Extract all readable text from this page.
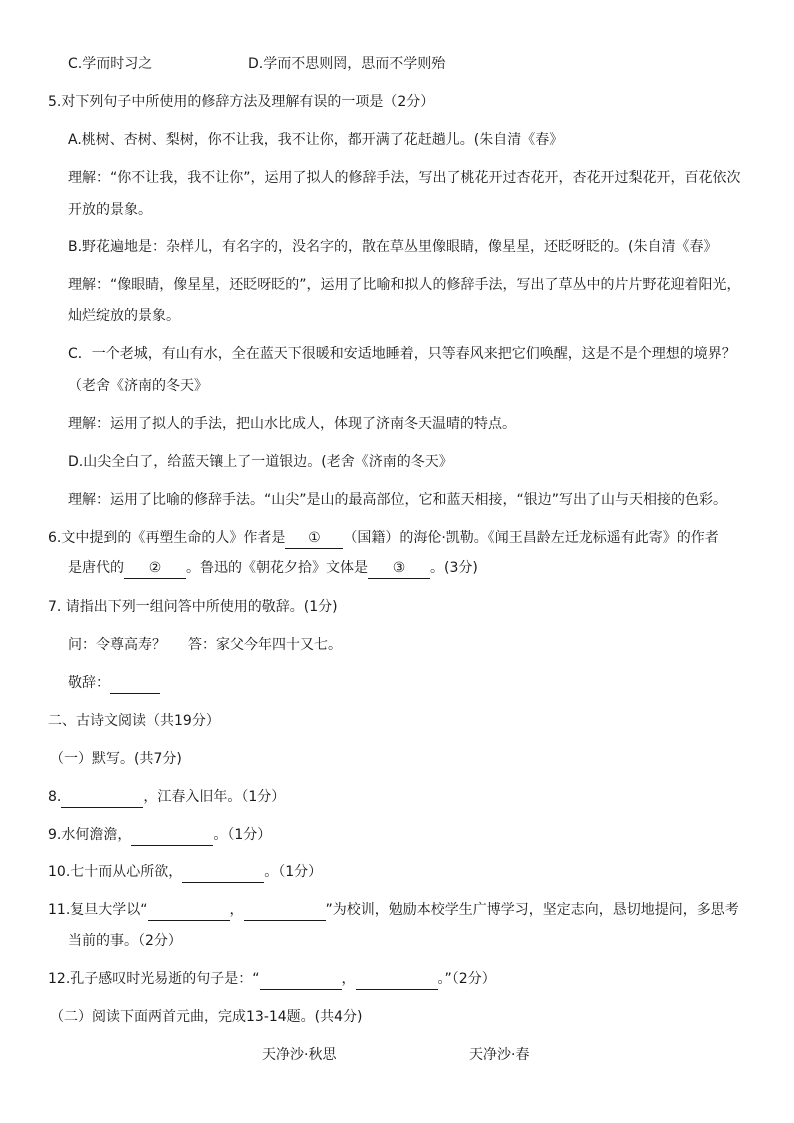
C.学而时习之	D.学而不思则罔，思而不学则殆
5.对下列句子中所使用的修辞方法及理解有误的一项是（2分）
A.桃树、杏树、梨树，你不让我，我不让你，都开满了花赶趟儿。(朱自清《春》
理解：“你不让我，我不让你”，运用了拟人的修辞手法，写出了桃花开过杏花开，杏花开过梨花开，百花依次
开放的景象。
B.野花遍地是：杂样儿，有名字的，没名字的，散在草丛里像眼睛，像星星，还眨呀眨的。(朱自清《春》
理解：“像眼睛，像星星，还眨呀眨的”，运用了比喻和拟人的修辞手法，写出了草丛中的片片野花迎着阳光，
灿烂绽放的景象。
C．一个老城，有山有水，全在蓝天下很暖和安适地睡着，只等春风来把它们唤醒，这是不是个理想的境界？
（老舍《济南的冬天》
理解：运用了拟人的手法，把山水比成人，体现了济南冬天温晴的特点。
D.山尖全白了，给蓝天镶上了一道银边。(老舍《济南的冬天》
理解：运用了比喻的修辞手法。“山尖”是山的最高部位，它和蓝天相接，“银边”写出了山与天相接的色彩。
6.文中提到的《再塑生命的人》作者是 ① （国籍）的海伦·凯勒。《闻王昌龄左迁龙标遥有此寄》的作者
是唐代的 ② 。鲁迅的《朝花夕拾》文体是 ③ 。(3分)
7. 请指出下列一组问答中所使用的敬辞。(1分)
问：令尊高寿？ 答：家父今年四十又七。
敬辞：
二、古诗文阅读（共19分）
（一）默写。(共7分)
8.	，江春入旧年。（1分）
9.水何澹澹，	。（1分）
10.七十而从心所欲，	。（1分）
11.复旦大学以“	，	”为校训，勉励本校学生广博学习，坚定志向，恳切地提问，多思考
当前的事。（2分）
12.孔子感叹时光易逝的句子是：“	，	。”（2分）
（二）阅读下面两首元曲，完成13-14题。(共4分)
天净沙·秋思	天净沙·春
